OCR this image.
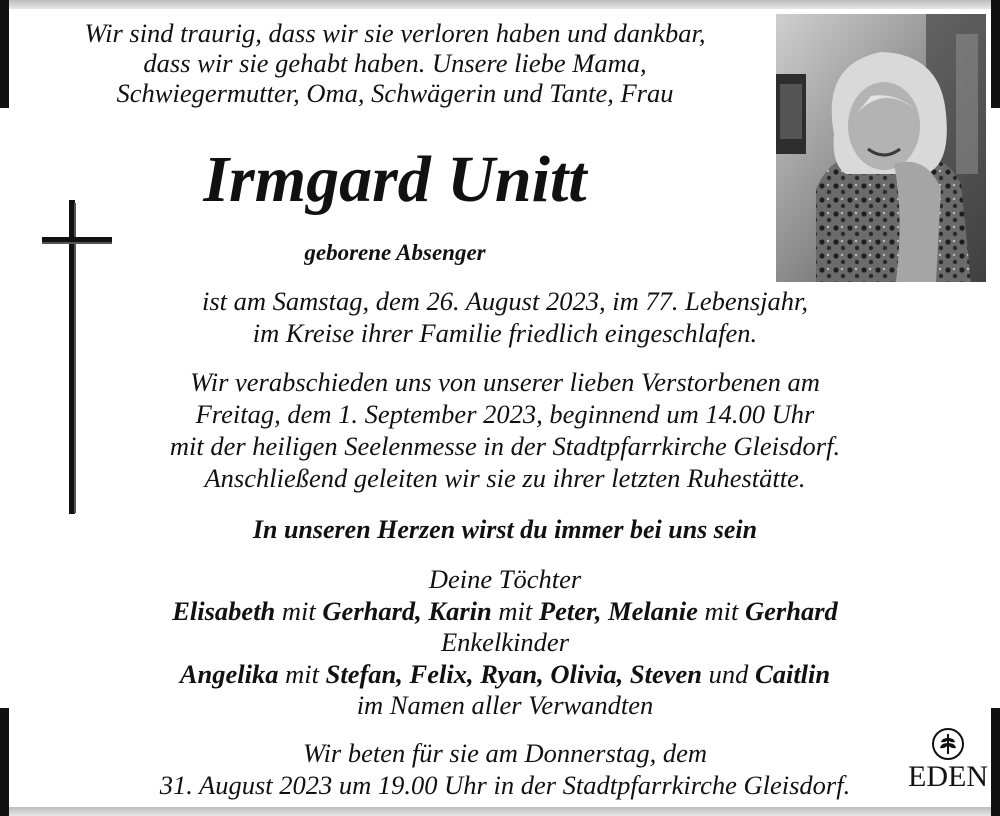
Wir sind traurig, dass wir sie verloren haben und dankbar,
dass wir sie gehabt haben. Unsere liebe Mama,
Schwiegermutter, Oma, Schwägerin und Tante, Frau
Irmgard Unitt
geborene Absenger
ist am Samstag, dem 26. August 2023, im 77. Lebensjahr,
im Kreise ihrer Familie friedlich eingeschlafen.
Wir verabschieden uns von unserer lieben Verstorbenen am
Freitag, dem 1. September 2023, beginnend um 14.00 Uhr
mit der heiligen Seelenmesse in der Stadtpfarrkirche Gleisdorf.
Anschließend geleiten wir sie zu ihrer letzten Ruhestätte.
In unseren Herzen wirst du immer bei uns sein
Deine Töchter
Elisabeth mit Gerhard, Karin mit Peter, Melanie mit Gerhard
Enkelkinder
Angelika mit Stefan, Felix, Ryan, Olivia, Steven und Caitlin
im Namen aller Verwandten
Wir beten für sie am Donnerstag, dem
31. August 2023 um 19.00 Uhr in der Stadtpfarrkirche Gleisdorf.	EDEN
